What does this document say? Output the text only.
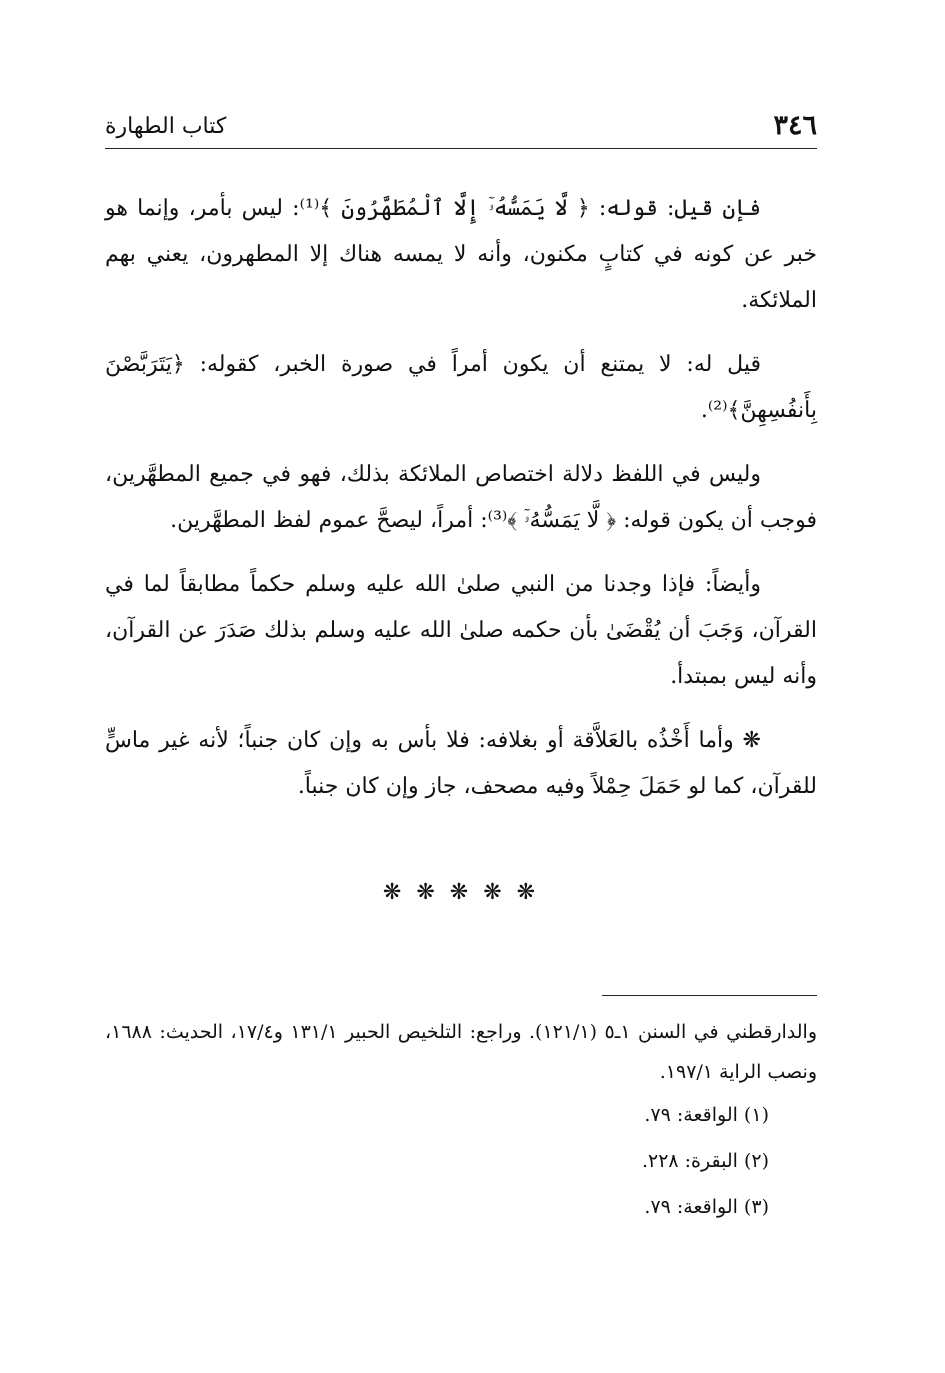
٣٤٦
كتاب الطهارة

فإن قيل: قوله: ﴿ لَّا يَمَسُّهُۥٓ إِلَّا ٱلْمُطَهَّرُونَ ﴾⁽¹⁾: ليس بأمر، وإنما هو خبر عن كونه في كتابٍ مكنون، وأنه لا يمسه هناك إلا المطهرون، يعني بهم الملائكة.

قيل له: لا يمتنع أن يكون أمراً في صورة الخبر، كقوله: ﴿يَتَرَبَّصْنَ بِأَنفُسِهِنَّ﴾⁽²⁾.

وليس في اللفظ دلالة اختصاص الملائكة بذلك، فهو في جميع المطهَّرين، فوجب أن يكون قوله: ﴿ لَّا يَمَسُّهُۥٓ ﴾⁽³⁾: أمراً، ليصحَّ عموم لفظ المطهَّرين.

وأيضاً: فإذا وجدنا من النبي صلىٰ الله عليه وسلم حكماً مطابقاً لما في القرآن، وَجَبَ أن يُقْضَىٰ بأن حكمه صلىٰ الله عليه وسلم بذلك صَدَرَ عن القرآن، وأنه ليس بمبتدأ.

❋ وأما أَخْذُه بالعَلاَّقة أو بغلافه: فلا بأس به وإن كان جنباً؛ لأنه غير ماسٍّ للقرآن، كما لو حَمَلَ حِمْلاً وفيه مصحف، جاز وإن كان جنباً.

❋ ❋ ❋ ❋ ❋

والدارقطني في السنن ١ـ٥ (١٢١/١). وراجع: التلخيص الحبير ١٣١/١ و١٧/٤، الحديث: ١٦٨٨، ونصب الراية ١٩٧/١.

(١) الواقعة: ٧٩.

(٢) البقرة: ٢٢٨.

(٣) الواقعة: ٧٩.
